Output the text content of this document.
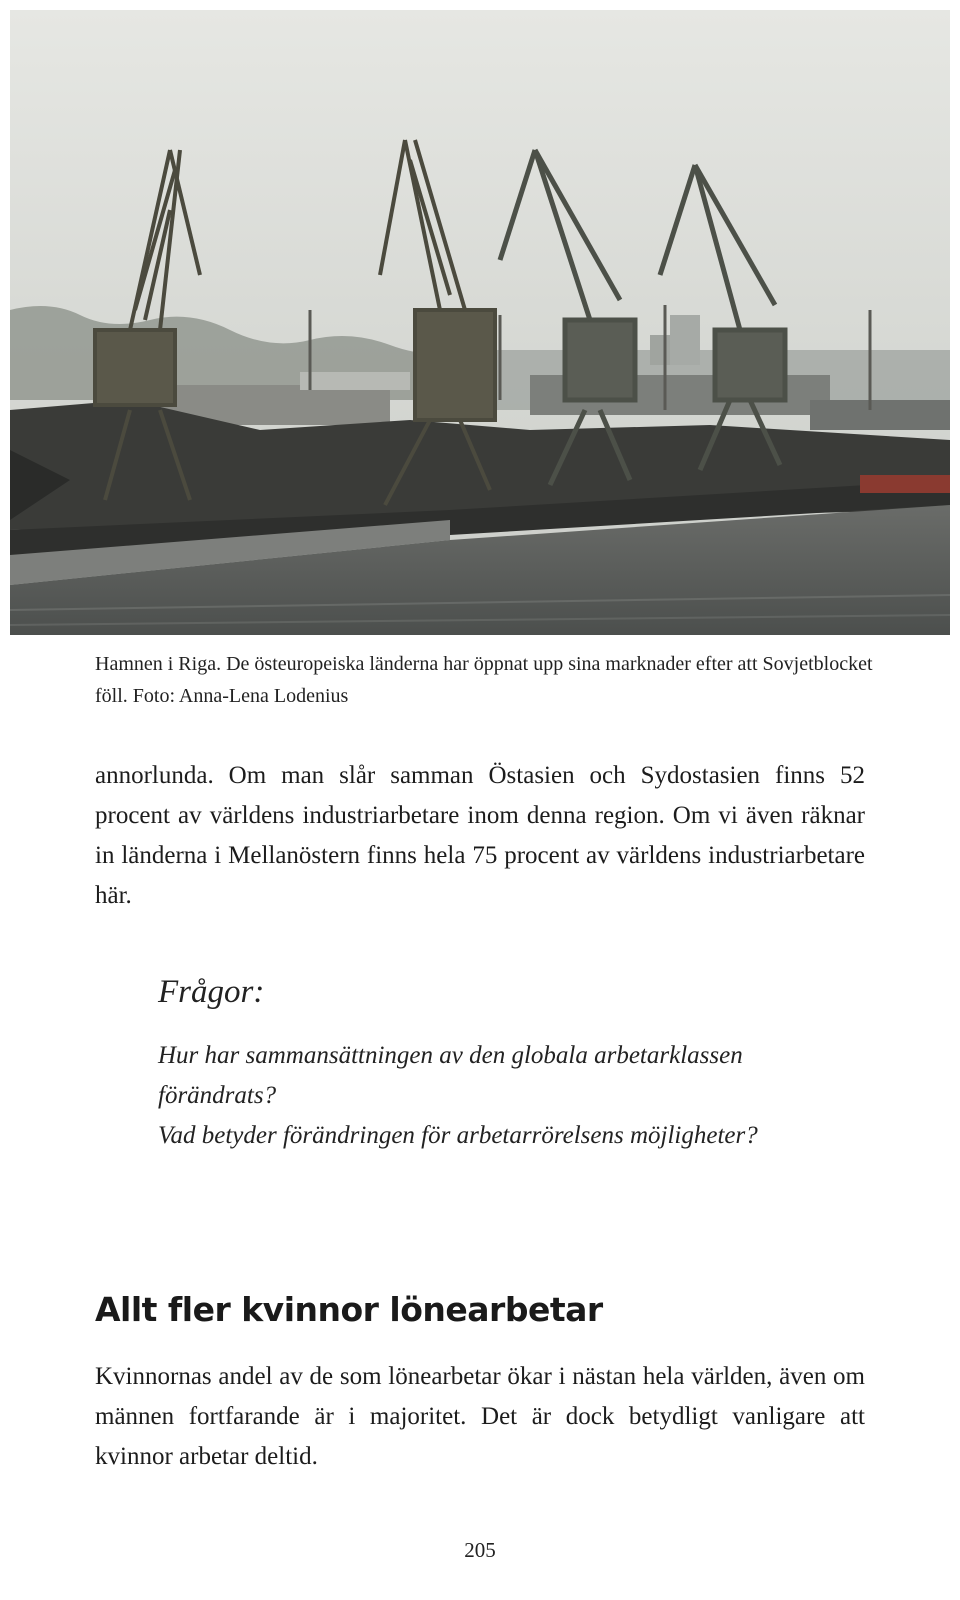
Hamnen i Riga. De östeuropeiska länderna har öppnat upp sina marknader efter att Sovjetblocket föll. Foto: Anna-Lena Lodenius
annorlunda. Om man slår samman Östasien och Sydostasien finns 52 procent av världens industriarbetare inom denna region. Om vi även räknar in länderna i Mellanöstern finns hela 75 procent av världens industriarbetare här.
Frågor:
Hur har sammansättningen av den globala arbetarklassen förändrats?
Vad betyder förändringen för arbetarrörelsens möjligheter?
Allt fler kvinnor lönearbetar
Kvinnornas andel av de som lönearbetar ökar i nästan hela världen, även om männen fortfarande är i majoritet. Det är dock betydligt vanligare att kvinnor arbetar deltid.
205
